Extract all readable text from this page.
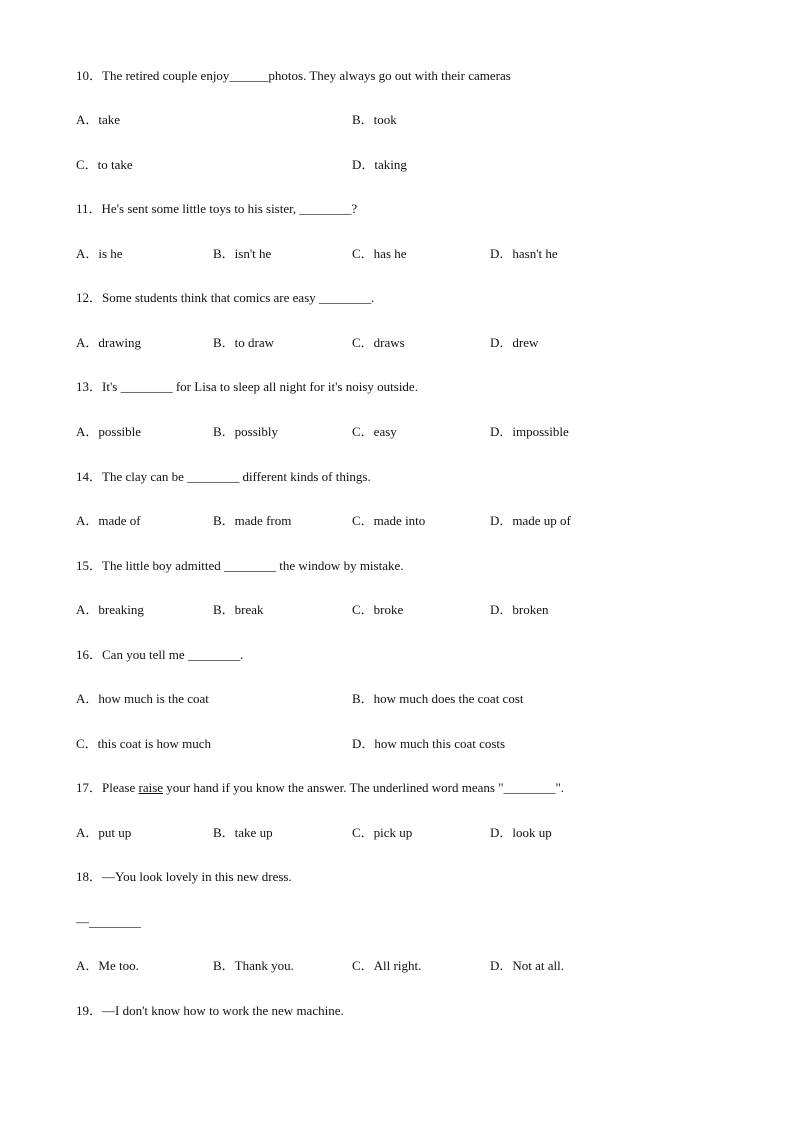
10．The retired couple enjoy______photos. They always go out with their cameras
A．take	B．took
C．to take	D．taking
11．He's sent some little toys to his sister, ________?
A．is he	B．isn't he	C．has he	D．hasn't he
12．Some students think that comics are easy ________.
A．drawing	B．to draw	C．draws	D．drew
13．It's ________ for Lisa to sleep all night for it's noisy outside.
A．possible	B．possibly	C．easy	D．impossible
14．The clay can be ________ different kinds of things.
A．made of	B．made from	C．made into	D．made up of
15．The little boy admitted ________ the window by mistake.
A．breaking	B．break	C．broke	D．broken
16．Can you tell me ________.
A．how much is the coat	B．how much does the coat cost
C．this coat is how much	D．how much this coat costs
17．Please raise your hand if you know the answer. The underlined word means "________".
A．put up	B．take up	C．pick up	D．look up
18．—You look lovely in this new dress.
—________
A．Me too.	B．Thank you.	C．All right.	D．Not at all.
19．—I don't know how to work the new machine.
